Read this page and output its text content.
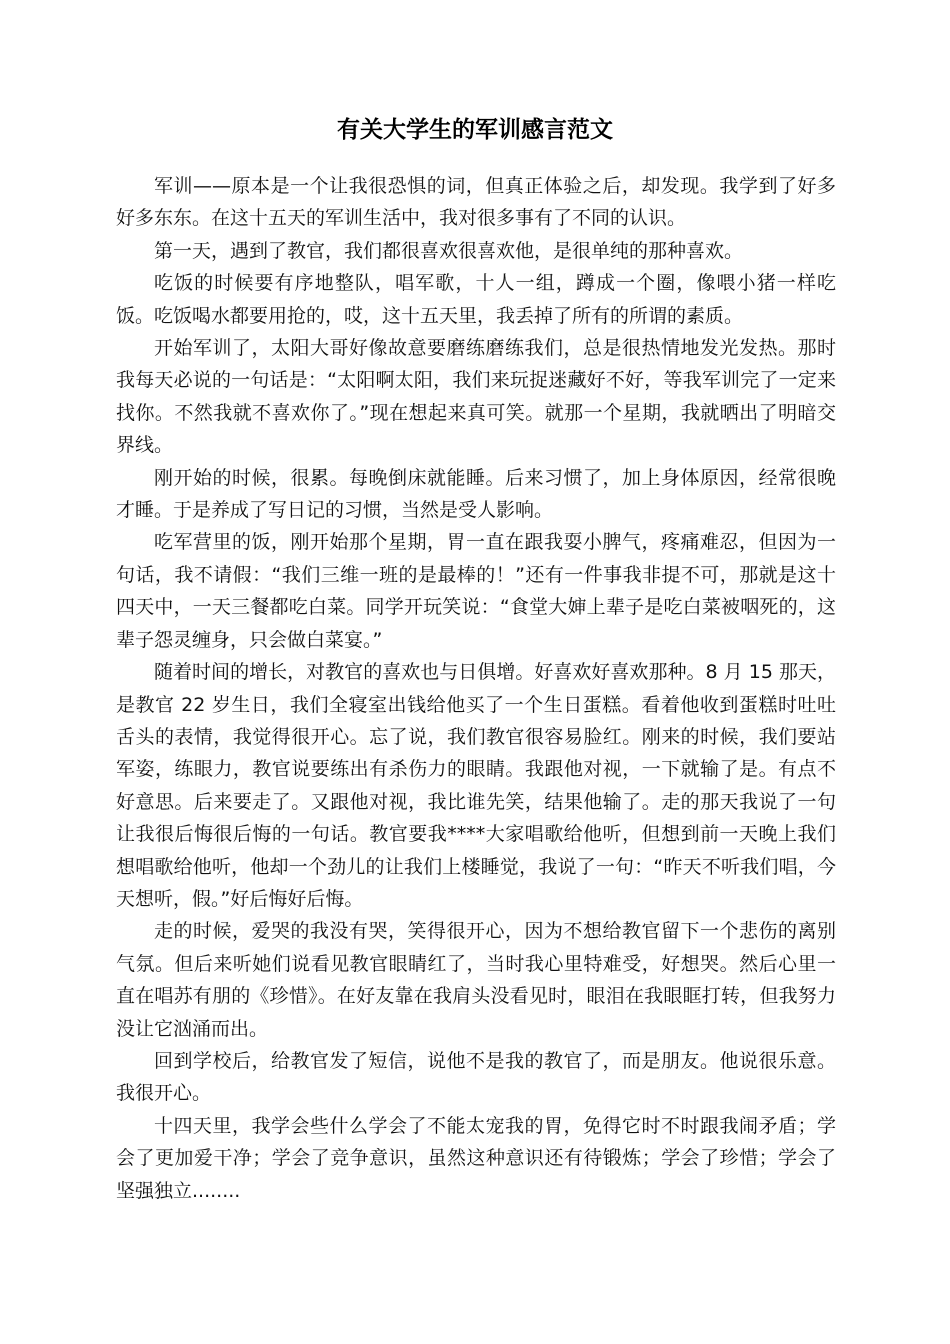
有关大学生的军训感言范文

军训——原本是一个让我很恐惧的词，但真正体验之后，却发现。我学到了好多好多东东。在这十五天的军训生活中，我对很多事有了不同的认识。

第一天，遇到了教官，我们都很喜欢很喜欢他，是很单纯的那种喜欢。

吃饭的时候要有序地整队，唱军歌，十人一组，蹲成一个圈，像喂小猪一样吃饭。吃饭喝水都要用抢的，哎，这十五天里，我丢掉了所有的所谓的素质。

开始军训了，太阳大哥好像故意要磨练磨练我们，总是很热情地发光发热。那时我每天必说的一句话是：“太阳啊太阳，我们来玩捉迷藏好不好，等我军训完了一定来找你。不然我就不喜欢你了。”现在想起来真可笑。就那一个星期，我就晒出了明暗交界线。

刚开始的时候，很累。每晚倒床就能睡。后来习惯了，加上身体原因，经常很晚才睡。于是养成了写日记的习惯，当然是受人影响。

吃军营里的饭，刚开始那个星期，胃一直在跟我耍小脾气，疼痛难忍，但因为一句话，我不请假：“我们三维一班的是最棒的！”还有一件事我非提不可，那就是这十四天中，一天三餐都吃白菜。同学开玩笑说：“食堂大婶上辈子是吃白菜被咽死的，这辈子怨灵缠身，只会做白菜宴。”

随着时间的增长，对教官的喜欢也与日俱增。好喜欢好喜欢那种。8 月 15 那天，是教官 22 岁生日，我们全寝室出钱给他买了一个生日蛋糕。看着他收到蛋糕时吐吐舌头的表情，我觉得很开心。忘了说，我们教官很容易脸红。刚来的时候，我们要站军姿，练眼力，教官说要练出有杀伤力的眼睛。我跟他对视，一下就输了是。有点不好意思。后来要走了。又跟他对视，我比谁先笑，结果他输了。走的那天我说了一句让我很后悔很后悔的一句话。教官要我****大家唱歌给他听，但想到前一天晚上我们想唱歌给他听，他却一个劲儿的让我们上楼睡觉，我说了一句：“昨天不听我们唱，今天想听，假。”好后悔好后悔。

走的时候，爱哭的我没有哭，笑得很开心，因为不想给教官留下一个悲伤的离别气氛。但后来听她们说看见教官眼睛红了，当时我心里特难受，好想哭。然后心里一直在唱苏有朋的《珍惜》。在好友靠在我肩头没看见时，眼泪在我眼眶打转，但我努力没让它汹涌而出。

回到学校后，给教官发了短信，说他不是我的教官了，而是朋友。他说很乐意。我很开心。

十四天里，我学会些什么学会了不能太宠我的胃，免得它时不时跟我闹矛盾；学会了更加爱干净；学会了竞争意识，虽然这种意识还有待锻炼；学会了珍惜；学会了坚强独立........
